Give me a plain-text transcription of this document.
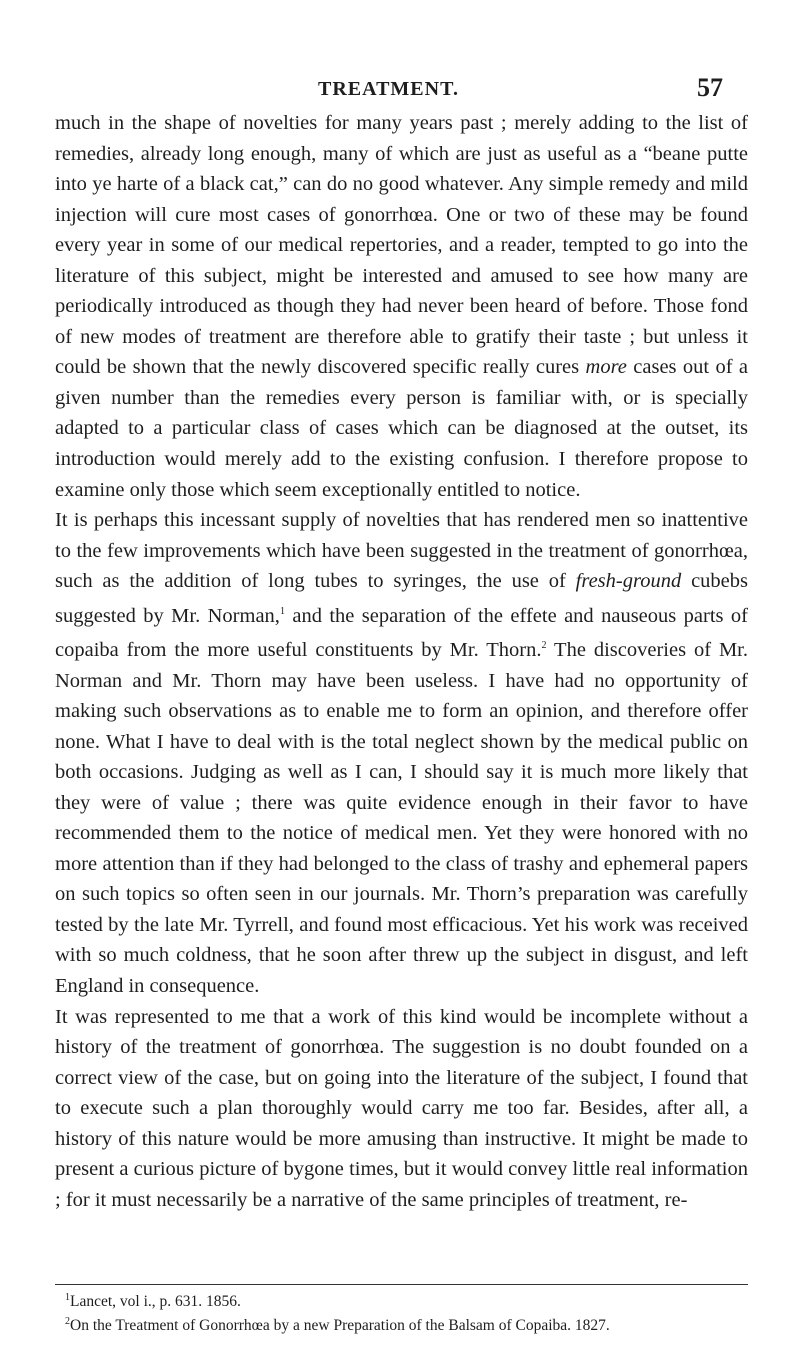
TREATMENT.	57

much in the shape of novelties for many years past ; merely adding to the list of remedies, already long enough, many of which are just as useful as a “beane putte into ye harte of a black cat,” can do no good whatever. Any simple remedy and mild injection will cure most cases of gonorrhœa. One or two of these may be found every year in some of our medical repertories, and a reader, tempted to go into the literature of this subject, might be interested and amused to see how many are periodically introduced as though they had never been heard of before. Those fond of new modes of treatment are therefore able to gratify their taste ; but unless it could be shown that the newly discovered specific really cures more cases out of a given number than the remedies every person is familiar with, or is specially adapted to a particular class of cases which can be diagnosed at the outset, its introduction would merely add to the existing confusion. I therefore propose to examine only those which seem exceptionally entitled to notice.

It is perhaps this incessant supply of novelties that has rendered men so inattentive to the few improvements which have been suggested in the treatment of gonorrhœa, such as the addition of long tubes to syringes, the use of fresh-ground cubebs suggested by Mr. Norman,$^1$ and the separation of the effete and nauseous parts of copaiba from the more useful constituents by Mr. Thorn.$^2$ The discoveries of Mr. Norman and Mr. Thorn may have been useless. I have had no opportunity of making such observations as to enable me to form an opinion, and therefore offer none. What I have to deal with is the total neglect shown by the medical public on both occasions. Judging as well as I can, I should say it is much more likely that they were of value ; there was quite evidence enough in their favor to have recommended them to the notice of medical men. Yet they were honored with no more attention than if they had belonged to the class of trashy and ephemeral papers on such topics so often seen in our journals. Mr. Thorn’s preparation was carefully tested by the late Mr. Tyrrell, and found most efficacious. Yet his work was received with so much coldness, that he soon after threw up the subject in disgust, and left England in consequence.

It was represented to me that a work of this kind would be incomplete without a history of the treatment of gonorrhœa. The suggestion is no doubt founded on a correct view of the case, but on going into the literature of the subject, I found that to execute such a plan thoroughly would carry me too far. Besides, after all, a history of this nature would be more amusing than instructive. It might be made to present a curious picture of bygone times, but it would convey little real information ; for it must necessarily be a narrative of the same principles of treatment, re-

$^1$Lancet, vol i., p. 631. 1856.

$^2$On the Treatment of Gonorrhœa by a new Preparation of the Balsam of Copaiba. 1827.
